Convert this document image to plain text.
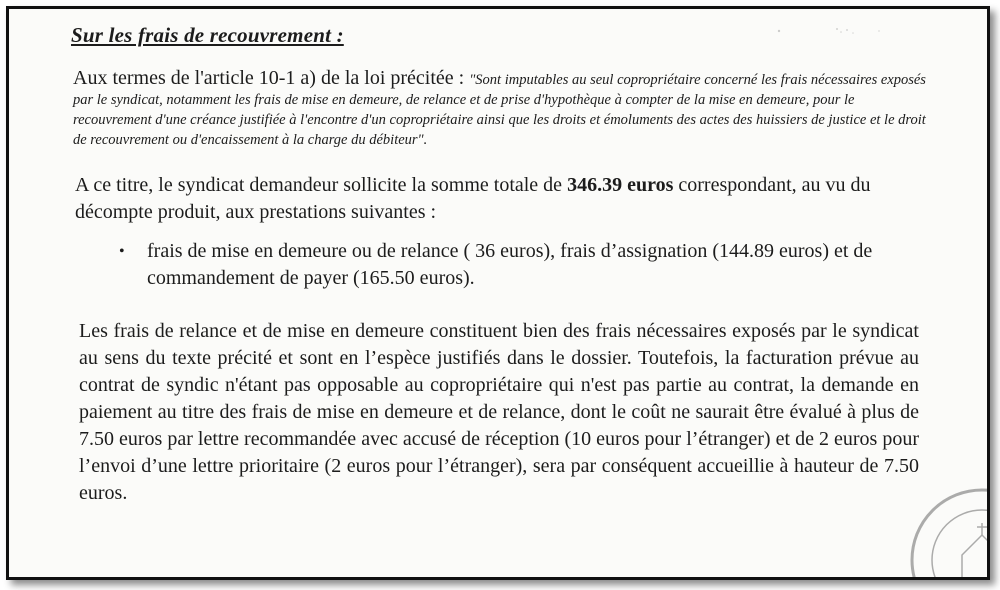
Sur les frais de recouvrement :

Aux termes de l'article 10-1 a) de la loi précitée : "Sont imputables au seul copropriétaire concerné les frais nécessaires exposés par le syndicat, notamment les frais de mise en demeure, de relance et de prise d'hypothèque à compter de la mise en demeure, pour le recouvrement d'une créance justifiée à l'encontre d'un copropriétaire ainsi que les droits et émoluments des actes des huissiers de justice et le droit de recouvrement ou d'encaissement à la charge du débiteur".

A ce titre, le syndicat demandeur sollicite la somme totale de 346.39 euros correspondant, au vu du décompte produit, aux prestations suivantes :

• frais de mise en demeure ou de relance ( 36 euros), frais d’assignation (144.89 euros) et de commandement de payer (165.50 euros).

Les frais de relance et de mise en demeure constituent bien des frais nécessaires exposés par le syndicat au sens du texte précité et sont en l’espèce justifiés dans le dossier. Toutefois, la facturation prévue au contrat de syndic n'étant pas opposable au copropriétaire qui n'est pas partie au contrat, la demande en paiement au titre des frais de mise en demeure et de relance, dont le coût ne saurait être évalué à plus de 7.50 euros par lettre recommandée avec accusé de réception (10 euros pour l’étranger) et de 2 euros pour l’envoi d’une lettre prioritaire (2 euros pour l’étranger), sera par conséquent accueillie à hauteur de 7.50 euros.
